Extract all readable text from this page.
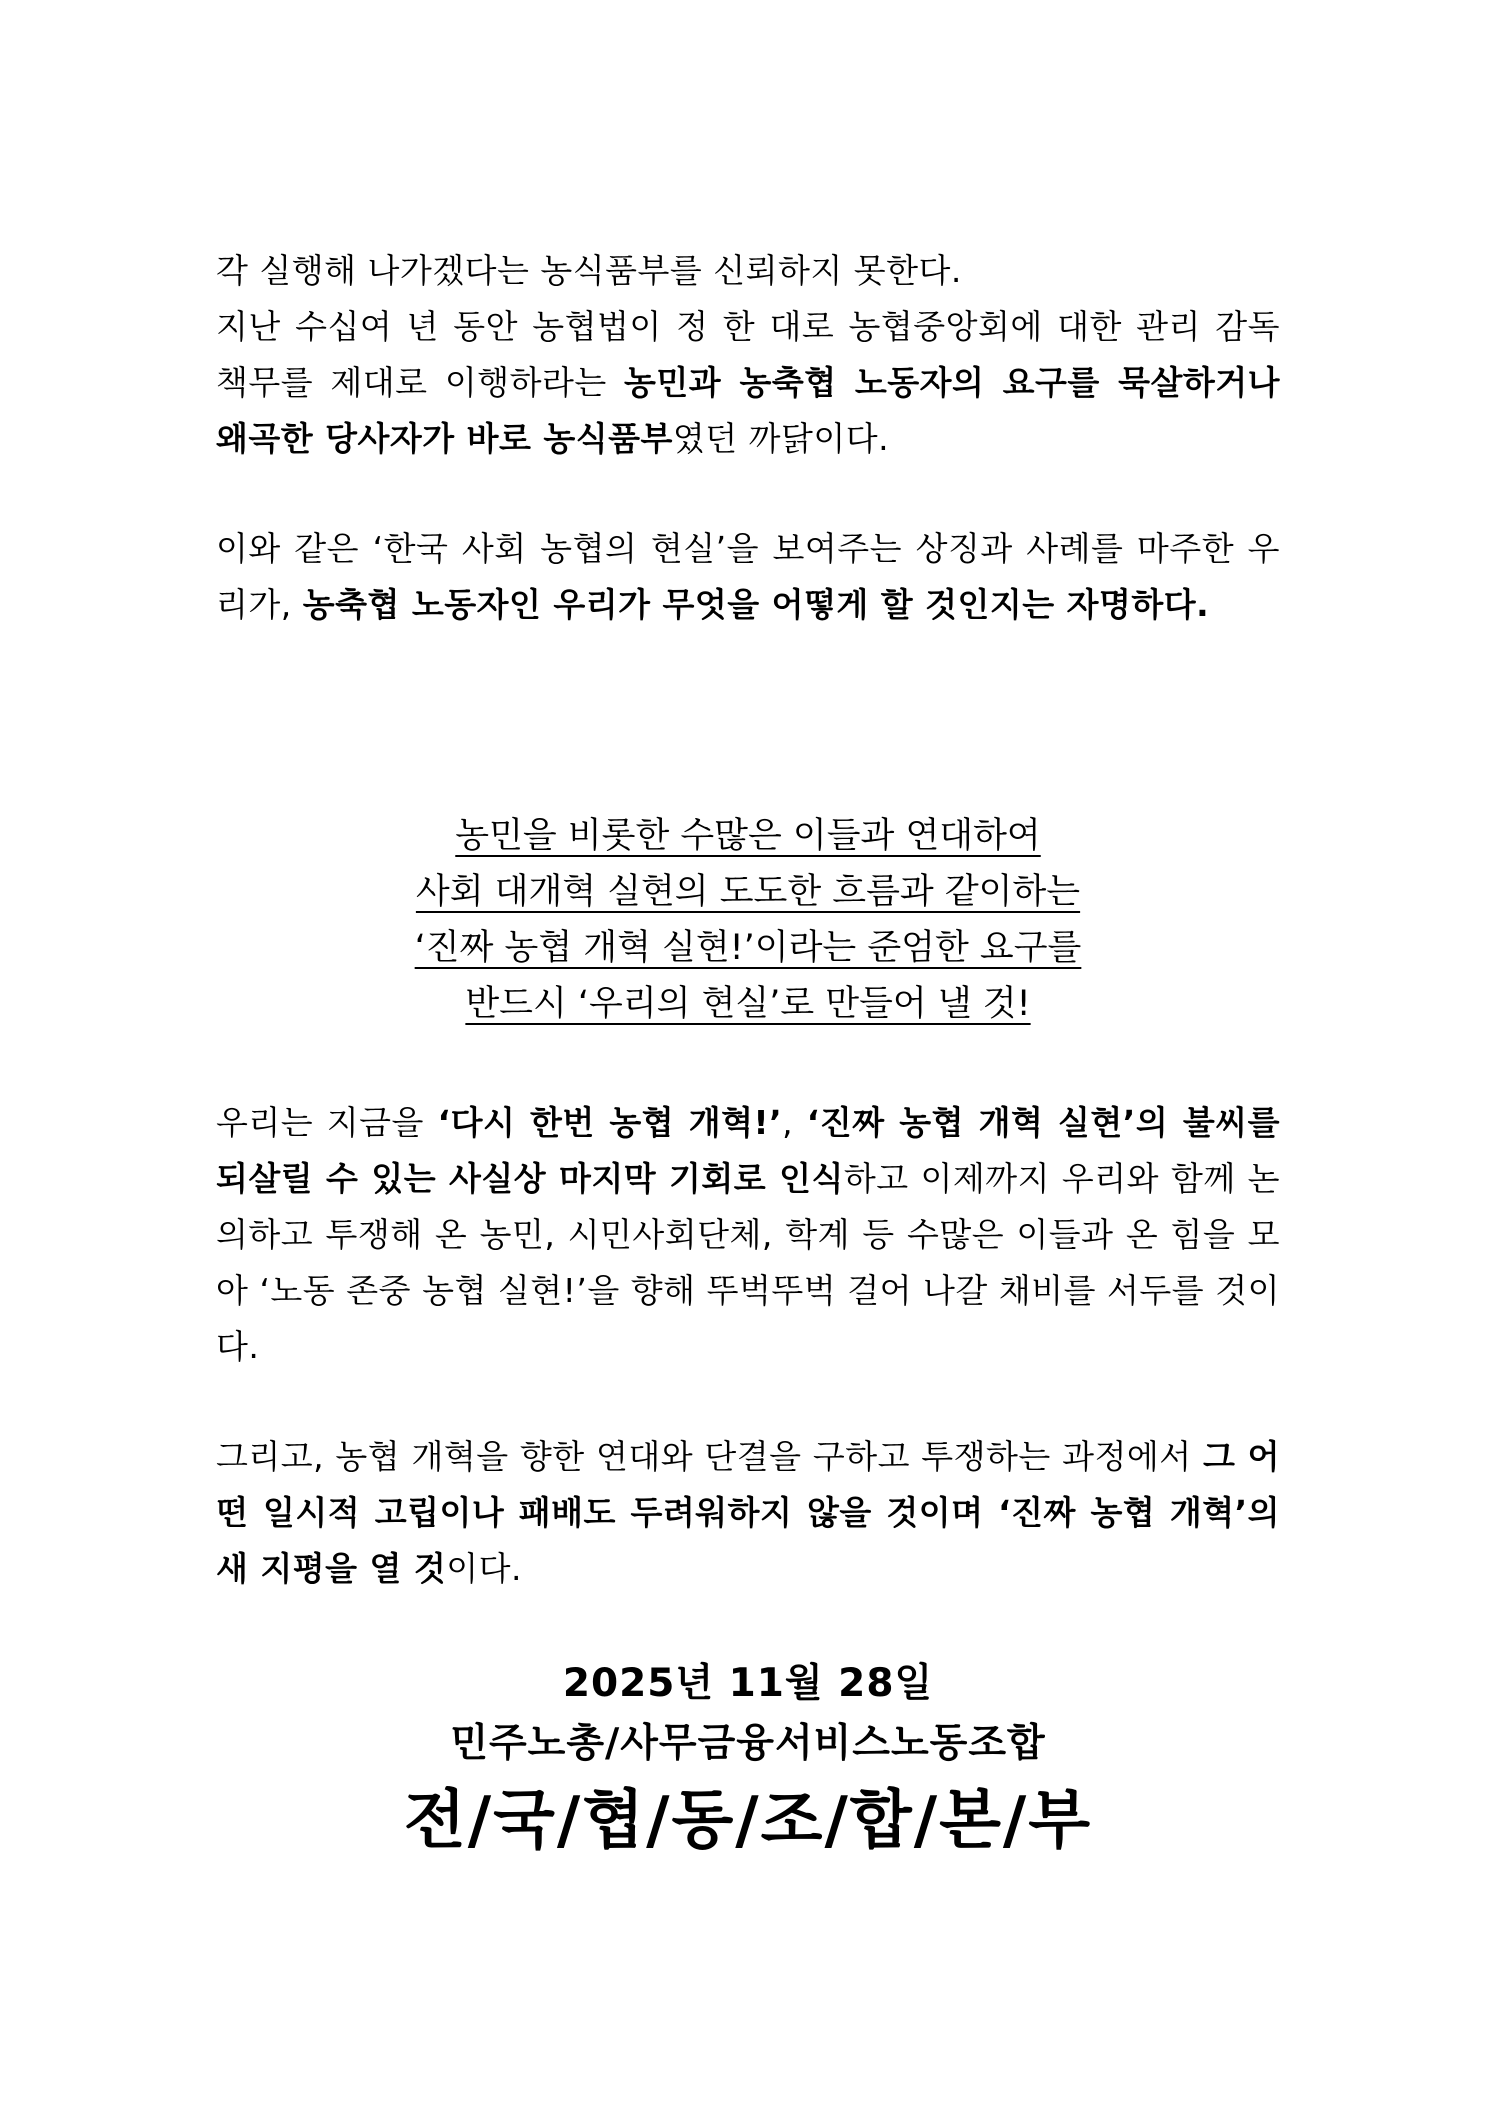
각 실행해 나가겠다는 농식품부를 신뢰하지 못한다.
지난 수십여 년 동안 농협법이 정 한 대로 농협중앙회에 대한 관리 감독 책무를 제대로 이행하라는 농민과 농축협 노동자의 요구를 묵살하거나 왜곡한 당사자가 바로 농식품부였던 까닭이다.
이와 같은 ‘한국 사회 농협의 현실’을 보여주는 상징과 사례를 마주한 우리가, 농축협 노동자인 우리가 무엇을 어떻게 할 것인지는 자명하다.
농민을 비롯한 수많은 이들과 연대하여
사회 대개혁 실현의 도도한 흐름과 같이하는
‘진짜 농협 개혁 실현!’이라는 준엄한 요구를
반드시 ‘우리의 현실’로 만들어 낼 것!
우리는 지금을 ‘다시 한번 농협 개혁!’, ‘진짜 농협 개혁 실현’의 불씨를 되살릴 수 있는 사실상 마지막 기회로 인식하고 이제까지 우리와 함께 논의하고 투쟁해 온 농민, 시민사회단체, 학계 등 수많은 이들과 온 힘을 모아 ‘노동 존중 농협 실현!’을 향해 뚜벅뚜벅 걸어 나갈 채비를 서두를 것이다.
그리고, 농협 개혁을 향한 연대와 단결을 구하고 투쟁하는 과정에서 그 어떤 일시적 고립이나 패배도 두려워하지 않을 것이며 ‘진짜 농협 개혁’의 새 지평을 열 것이다.
2025년 11월 28일
민주노총/사무금융서비스노동조합
전/국/협/동/조/합/본/부
